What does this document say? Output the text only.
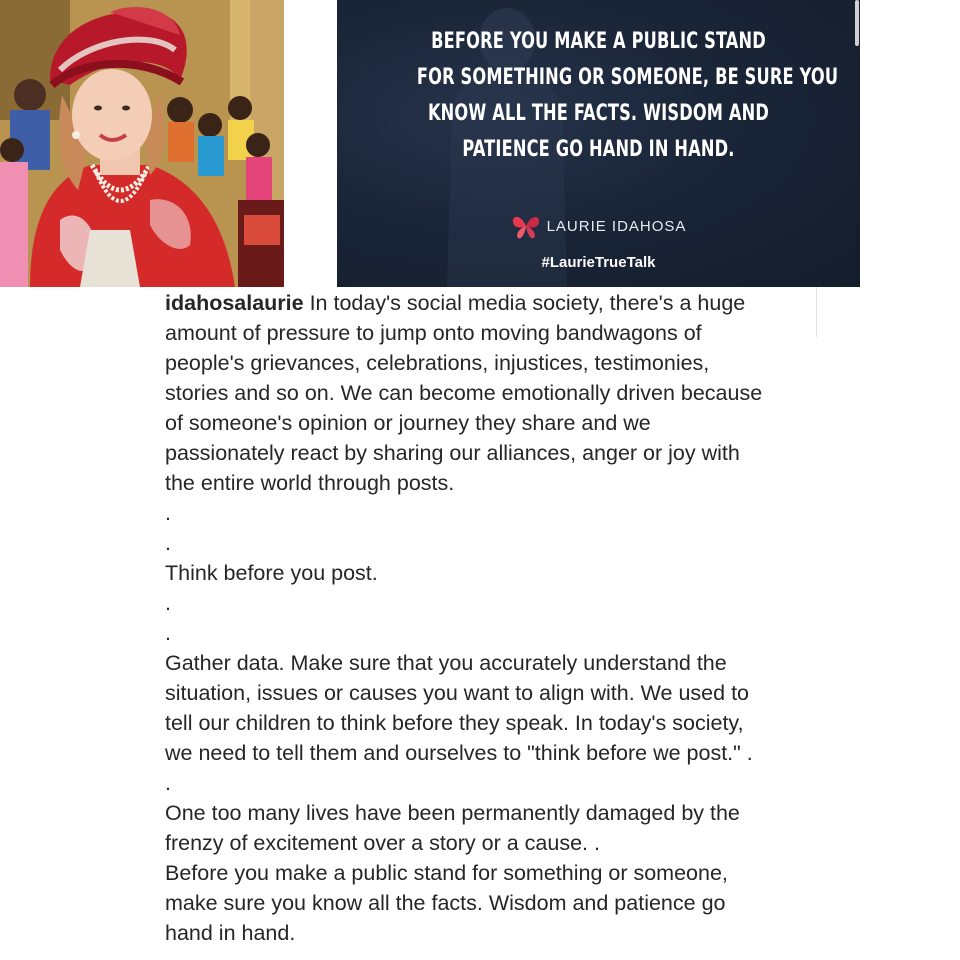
BEFORE YOU MAKE A PUBLIC STAND
FOR SOMETHING OR SOMEONE, BE SURE YOU
KNOW ALL THE FACTS. WISDOM AND
PATIENCE GO HAND IN HAND.
LAURIE IDAHOSA
#LaurieTrueTalk
idahosalaurie In today's social media society, there's a huge
amount of pressure to jump onto moving bandwagons of
people's grievances, celebrations, injustices, testimonies,
stories and so on. We can become emotionally driven because
of someone's opinion or journey they share and we
passionately react by sharing our alliances, anger or joy with
the entire world through posts.
.
.
Think before you post.
.
.
Gather data. Make sure that you accurately understand the
situation, issues or causes you want to align with. We used to
tell our children to think before they speak. In today's society,
we need to tell them and ourselves to "think before we post." .
.
One too many lives have been permanently damaged by the
frenzy of excitement over a story or a cause. .
Before you make a public stand for something or someone,
make sure you know all the facts. Wisdom and patience go
hand in hand.
